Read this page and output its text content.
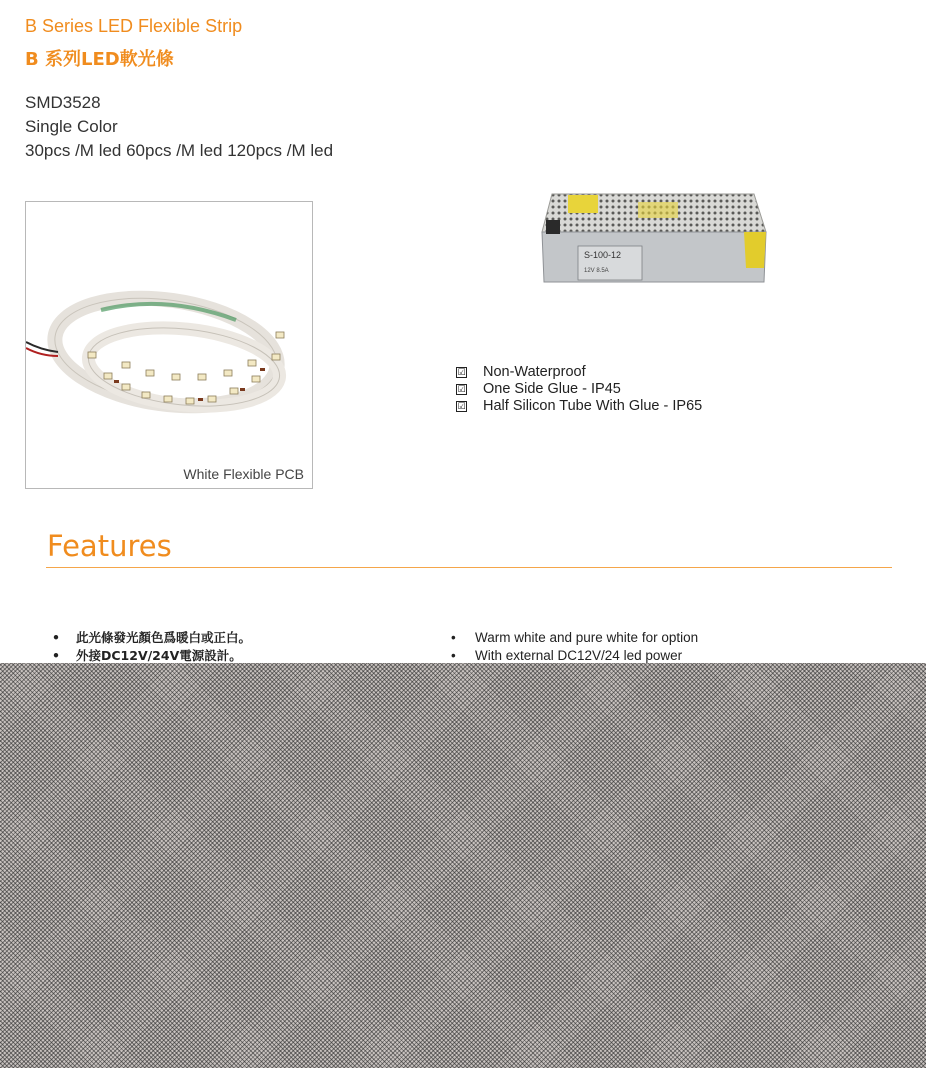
B Series LED Flexible Strip
B 系列LED軟光條
SMD3528
Single Color
30pcs /M led 60pcs /M led 120pcs /M led
White Flexible PCB
S-100-12
12V 8.5A
☑ Non-Waterproof
☑ One Side Glue - IP45
☑ Half Silicon Tube With Glue - IP65
Features
• 此光條發光顏色爲暖白或正白。
• 外接DC12V/24V電源設計。
• Warm white and pure white for option
• With external DC12V/24 led power
